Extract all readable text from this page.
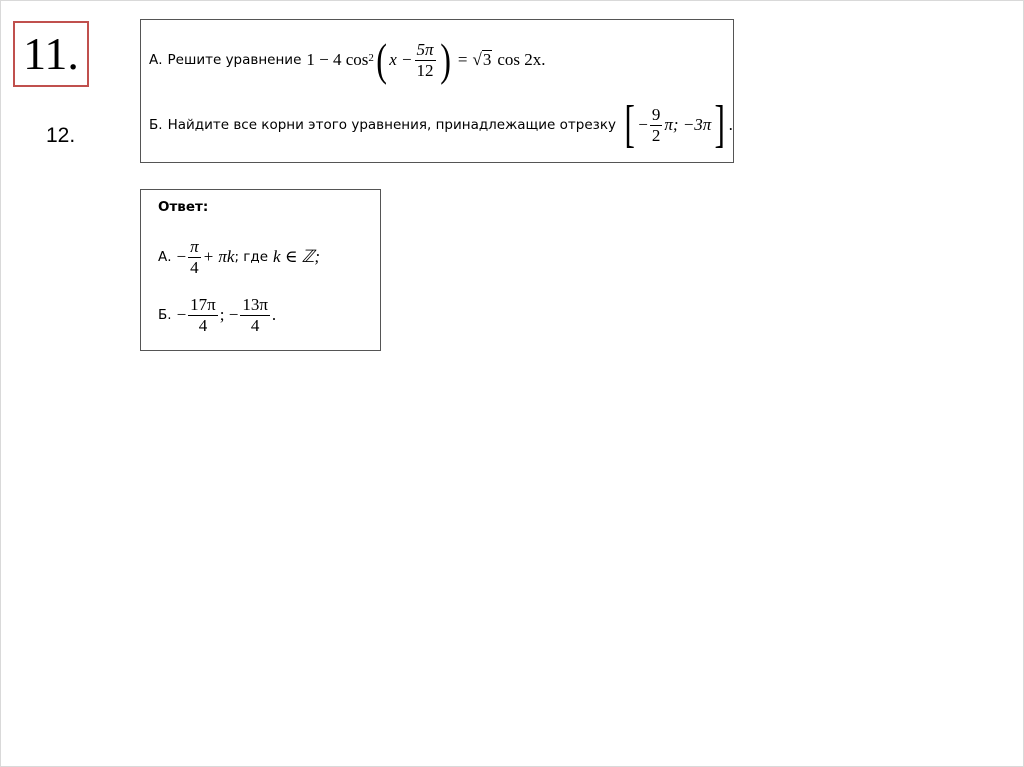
11.
12.
А. Решите уравнение 1 − 4 cos 2 ( $x - \frac{5\pi}{12}$ ) = √ 3 cos 2x.
Б. Найдите все корни этого уравнения, принадлежащие отрезку [ − $\frac{9}{2} \pi$; −3π ] .
Ответ:
А. − $\frac{\pi}{4} + \pi k$ ; где k ∈ ℤ;
Б. − $\frac{17\pi}{4}$ ; − $\frac{13\pi}{4}$ .
